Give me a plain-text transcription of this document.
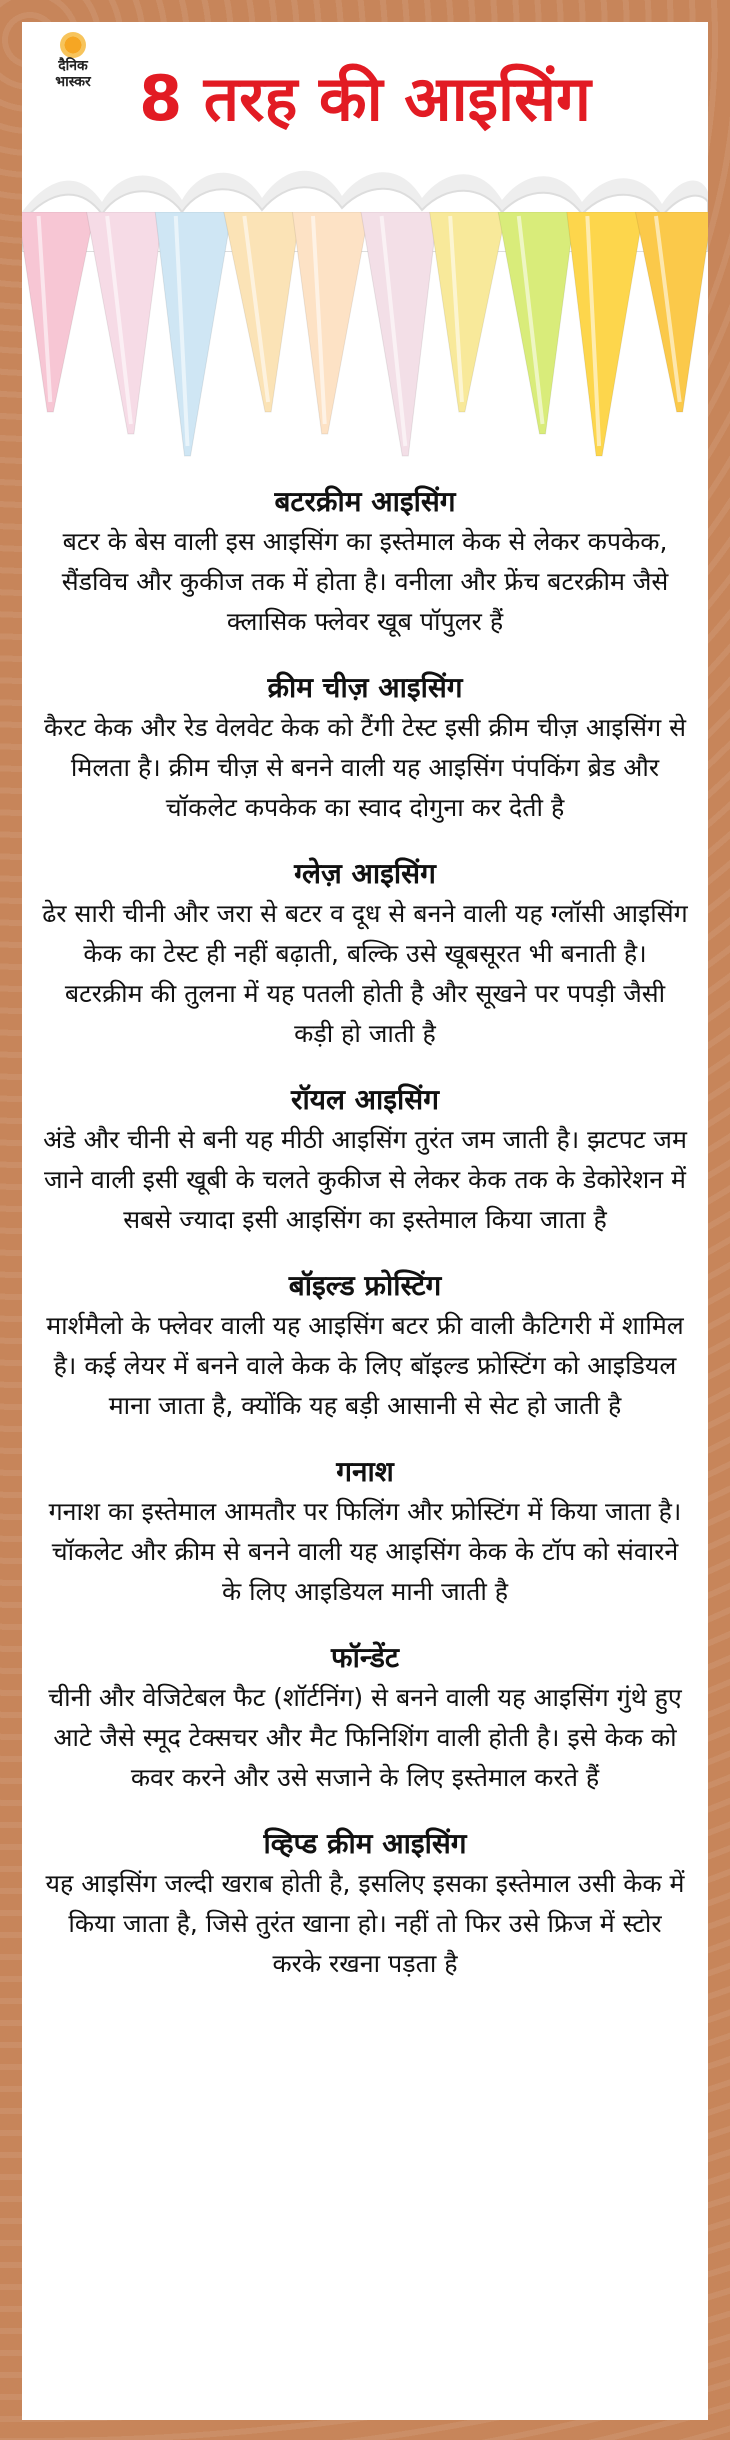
दैनिक
भास्कर 8 तरह की आइसिंग
बटरक्रीम आइसिंग

बटर के बेस वाली इस आइसिंग का इस्तेमाल केक से लेकर कपकेक, सैंडविच और कुकीज तक में होता है। वनीला और फ्रेंच बटरक्रीम जैसे क्लासिक फ्लेवर खूब पॉपुलर हैं

क्रीम चीज़ आइसिंग

कैरट केक और रेड वेलवेट केक को टैंगी टेस्ट इसी क्रीम चीज़ आइसिंग से मिलता है। क्रीम चीज़ से बनने वाली यह आइसिंग पंपकिंग ब्रेड और चॉकलेट कपकेक का स्वाद दोगुना कर देती है

ग्लेज़ आइसिंग

ढेर सारी चीनी और जरा से बटर व दूध से बनने वाली यह ग्लॉसी आइसिंग केक का टेस्ट ही नहीं बढ़ाती, बल्कि उसे खूबसूरत भी बनाती है। बटरक्रीम की तुलना में यह पतली होती है और सूखने पर पपड़ी जैसी कड़ी हो जाती है

रॉयल आइसिंग

अंडे और चीनी से बनी यह मीठी आइसिंग तुरंत जम जाती है। झटपट जम जाने वाली इसी खूबी के चलते कुकीज से लेकर केक तक के डेकोरेशन में सबसे ज्यादा इसी आइसिंग का इस्तेमाल किया जाता है

बॉइल्ड फ्रोस्टिंग

मार्शमैलो के फ्लेवर वाली यह आइसिंग बटर फ्री वाली कैटिगरी में शामिल है। कई लेयर में बनने वाले केक के लिए बॉइल्ड फ्रोस्टिंग को आइडियल माना जाता है, क्योंकि यह बड़ी आसानी से सेट हो जाती है

गनाश

गनाश का इस्तेमाल आमतौर पर फिलिंग और फ्रोस्टिंग में किया जाता है। चॉकलेट और क्रीम से बनने वाली यह आइसिंग केक के टॉप को संवारने के लिए आइडियल मानी जाती है

फॉन्डेंट

चीनी और वेजिटेबल फैट (शॉर्टनिंग) से बनने वाली यह आइसिंग गुंथे हुए आटे जैसे स्मूद टेक्सचर और मैट फिनिशिंग वाली होती है। इसे केक को कवर करने और उसे सजाने के लिए इस्तेमाल करते हैं

व्हिप्ड क्रीम आइसिंग

यह आइसिंग जल्दी खराब होती है, इसलिए इसका इस्तेमाल उसी केक में किया जाता है, जिसे तुरंत खाना हो। नहीं तो फिर उसे फ्रिज में स्टोर करके रखना पड़ता है
